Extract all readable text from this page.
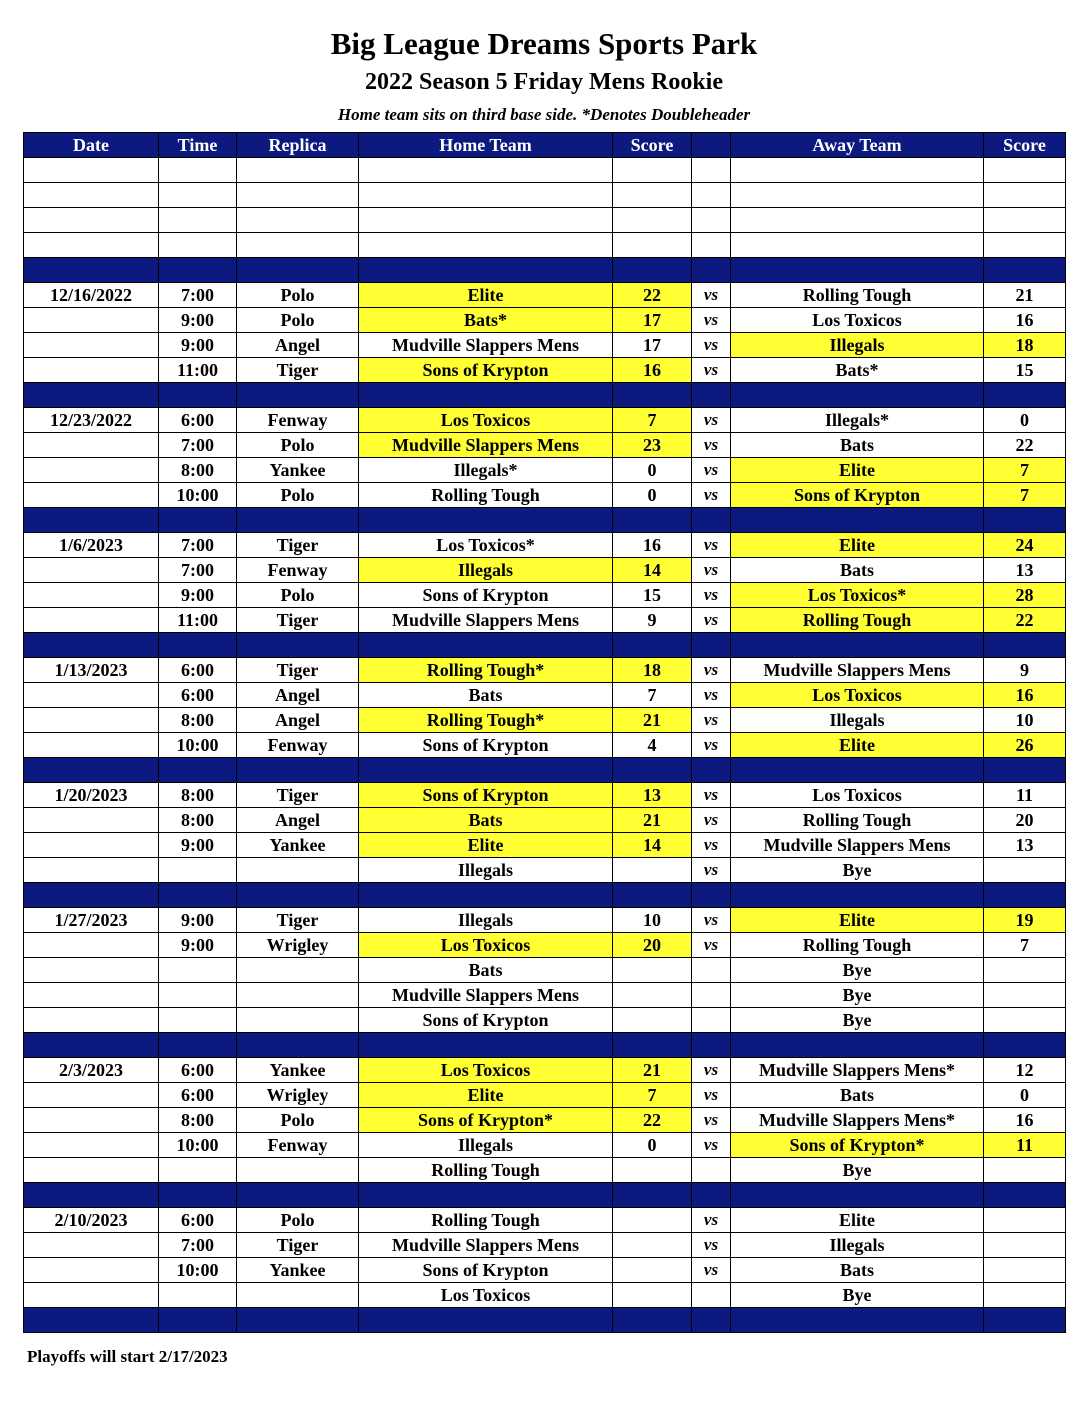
Big League Dreams Sports Park
2022 Season 5 Friday Mens Rookie
Home team sits on third base side. *Denotes Doubleheader
Date	Time	Replica	Home Team	Score		Away Team	Score

12/16/2022	7:00	Polo	Elite	22	vs	Rolling Tough	21
	9:00	Polo	Bats*	17	vs	Los Toxicos	16
	9:00	Angel	Mudville Slappers Mens	17	vs	Illegals	18
	11:00	Tiger	Sons of Krypton	16	vs	Bats*	15

12/23/2022	6:00	Fenway	Los Toxicos	7	vs	Illegals*	0
	7:00	Polo	Mudville Slappers Mens	23	vs	Bats	22
	8:00	Yankee	Illegals*	0	vs	Elite	7
	10:00	Polo	Rolling Tough	0	vs	Sons of Krypton	7

1/6/2023	7:00	Tiger	Los Toxicos*	16	vs	Elite	24
	7:00	Fenway	Illegals	14	vs	Bats	13
	9:00	Polo	Sons of Krypton	15	vs	Los Toxicos*	28
	11:00	Tiger	Mudville Slappers Mens	9	vs	Rolling Tough	22

1/13/2023	6:00	Tiger	Rolling Tough*	18	vs	Mudville Slappers Mens	9
	6:00	Angel	Bats	7	vs	Los Toxicos	16
	8:00	Angel	Rolling Tough*	21	vs	Illegals	10
	10:00	Fenway	Sons of Krypton	4	vs	Elite	26

1/20/2023	8:00	Tiger	Sons of Krypton	13	vs	Los Toxicos	11
	8:00	Angel	Bats	21	vs	Rolling Tough	20
	9:00	Yankee	Elite	14	vs	Mudville Slappers Mens	13
			Illegals		vs	Bye	

1/27/2023	9:00	Tiger	Illegals	10	vs	Elite	19
	9:00	Wrigley	Los Toxicos	20	vs	Rolling Tough	7
			Bats			Bye	
			Mudville Slappers Mens			Bye	
			Sons of Krypton			Bye	

2/3/2023	6:00	Yankee	Los Toxicos	21	vs	Mudville Slappers Mens*	12
	6:00	Wrigley	Elite	7	vs	Bats	0
	8:00	Polo	Sons of Krypton*	22	vs	Mudville Slappers Mens*	16
	10:00	Fenway	Illegals	0	vs	Sons of Krypton*	11
			Rolling Tough			Bye	

2/10/2023	6:00	Polo	Rolling Tough		vs	Elite	
	7:00	Tiger	Mudville Slappers Mens		vs	Illegals	
	10:00	Yankee	Sons of Krypton		vs	Bats	
			Los Toxicos			Bye	

Playoffs will start 2/17/2023
